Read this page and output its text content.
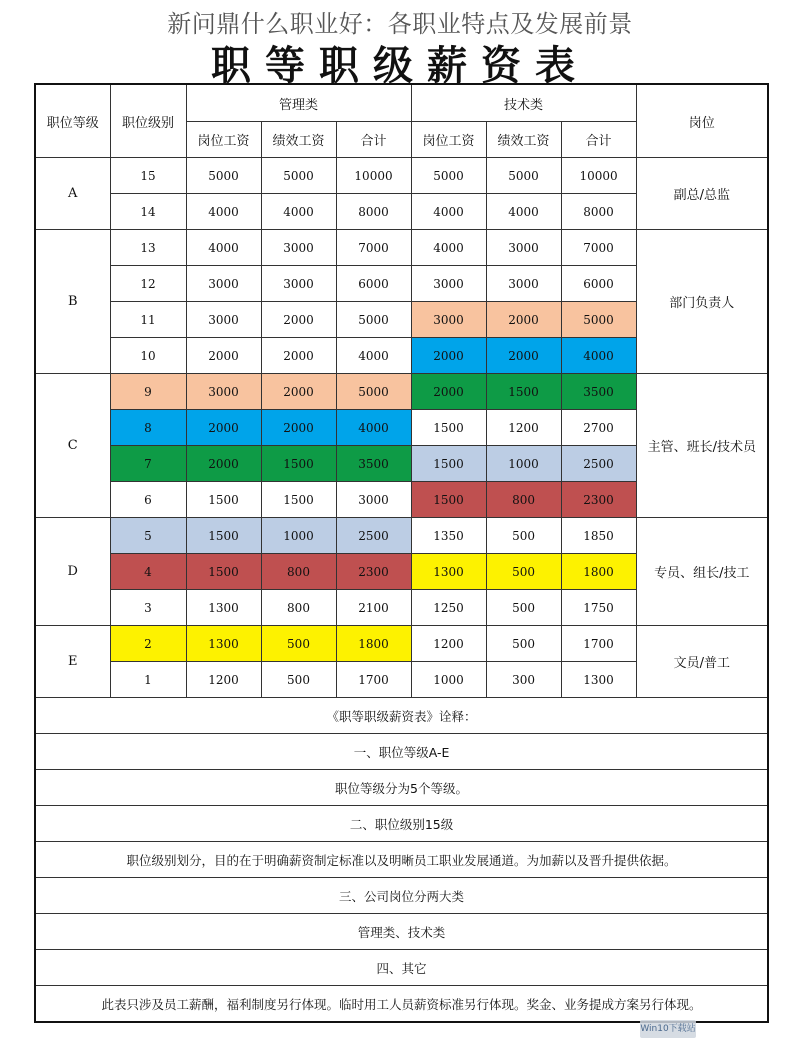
新问鼎什么职业好：各职业特点及发展前景
职等职级薪资表
职位等级	职位级别	管理类			技术类			岗位
		岗位工资	绩效工资	合计	岗位工资	绩效工资	合计	
A	15	5000	5000	10000	5000	5000	10000	副总/总监
	14	4000	4000	8000	4000	4000	8000	
B	13	4000	3000	7000	4000	3000	7000	部门负责人
	12	3000	3000	6000	3000	3000	6000	
	11	3000	2000	5000	3000	2000	5000	
	10	2000	2000	4000	2000	2000	4000	
C	9	3000	2000	5000	2000	1500	3500	主管、班长/技术员
	8	2000	2000	4000	1500	1200	2700	
	7	2000	1500	3500	1500	1000	2500	
	6	1500	1500	3000	1500	800	2300	
D	5	1500	1000	2500	1350	500	1850	专员、组长/技工
	4	1500	800	2300	1300	500	1800	
	3	1300	800	2100	1250	500	1750	
E	2	1300	500	1800	1200	500	1700	文员/普工
	1	1200	500	1700	1000	300	1300	
《职等职级薪资表》诠释：								
一、职位等级A-E								
职位等级分为5个等级。								
二、职位级别15级								
职位级别划分，目的在于明确薪资制定标准以及明晰员工职业发展通道。为加薪以及晋升提供依据。								
三、公司岗位分两大类								
管理类、技术类								
四、其它								
此表只涉及员工薪酬，福利制度另行体现。临时用工人员薪资标准另行体现。奖金、业务提成方案另行体现。								
Win10下载站
